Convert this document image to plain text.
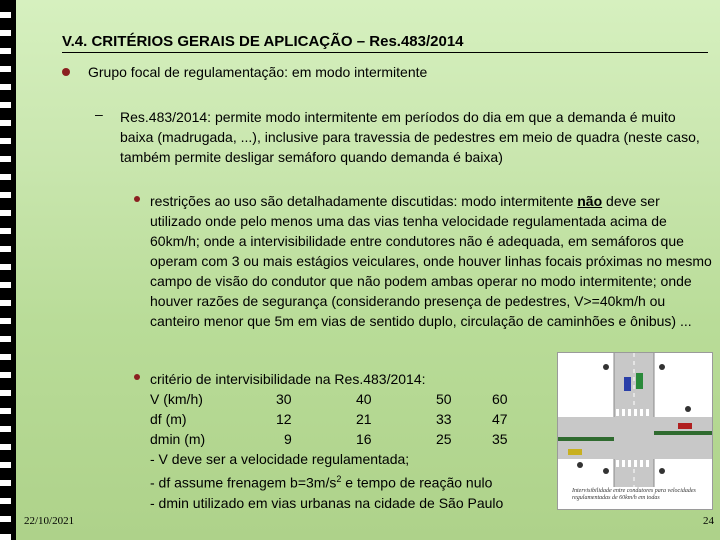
V.4. CRITÉRIOS GERAIS DE APLICAÇÃO – Res.483/2014
Grupo focal de regulamentação: em modo intermitente
– Res.483/2014: permite modo intermitente em períodos do dia em que a demanda é muito baixa (madrugada, ...), inclusive para travessia de pedestres em meio de quadra (neste caso, também permite desligar semáforo quando demanda é baixa)
restrições ao uso são detalhadamente discutidas: modo intermitente não deve ser utilizado onde pelo menos uma das vias tenha velocidade regulamentada acima de 60km/h; onde a intervisibilidade entre condutores não é adequada, em semáforos que operam com 3 ou mais estágios veiculares, onde houver linhas focais próximas no mesmo campo de visão do condutor que não podem ambas operar no modo intermitente; onde houver razões de segurança (considerando presença de pedestres, V>=40km/h ou canteiro menor que 5m em vias de sentido duplo, circulação de caminhões e ônibus) ...
critério de intervisibilidade na Res.483/2014:
V (km/h)	30	40	50	60
df (m)	12	21	33	47
dmin (m)	9	16	25	35
- V deve ser a velocidade regulamentada;
- df assume frenagem $b=3m/s^2$ e tempo de reação nulo
- dmin utilizado em vias urbanas na cidade de São Paulo
Intervisibilidade entre condutores para velocidades regulamentadas de 60km/h em todas
22/10/2021	24
